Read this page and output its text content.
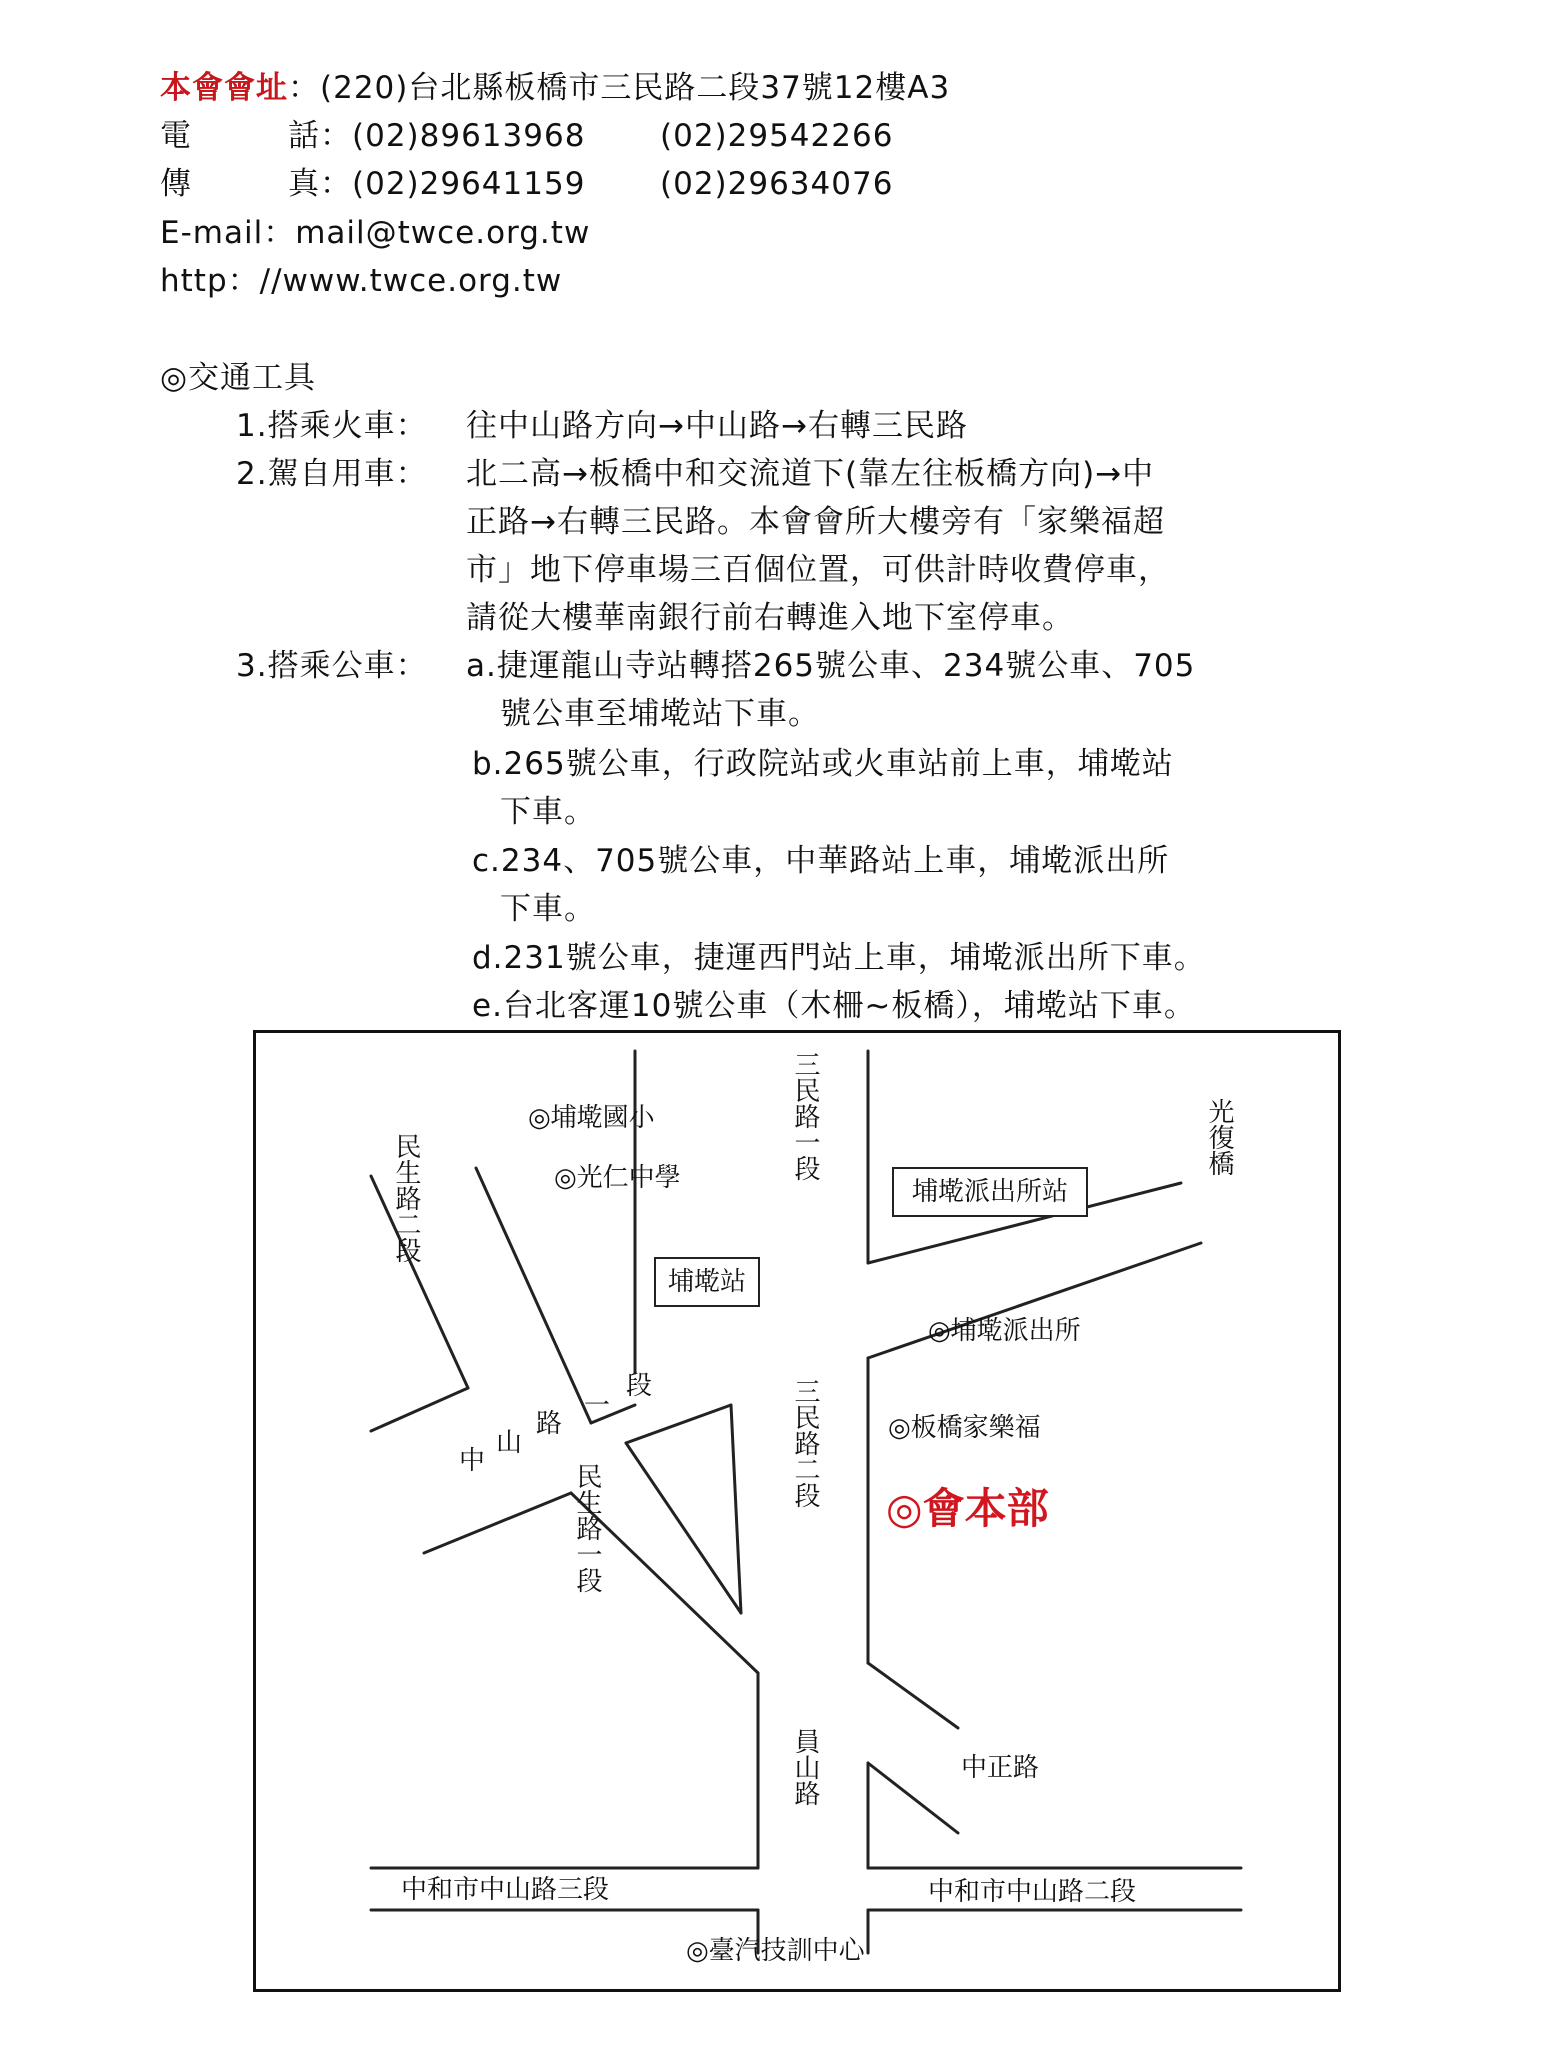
本會會址：(220)台北縣板橋市三民路二段37號12樓A3
電	話 ：(02)89613968 (02)29542266
傳	真 ：(02)29641159 (02)29634076
E-mail：mail@twce.org.tw
http：//www.twce.org.tw
◎交通工具
1.搭乘火車： 往中山路方向→中山路→右轉三民路
2.駕自用車： 北二高→板橋中和交流道下(靠左往板橋方向)→中
正路→右轉三民路。本會會所大樓旁有「家樂福超
市」地下停車場三百個位置，可供計時收費停車，
請從大樓華南銀行前右轉進入地下室停車。
3.搭乘公車： a.捷運龍山寺站轉搭265號公車、234號公車、705
號公車至埔墘站下車。
b.265號公車，行政院站或火車站前上車，埔墘站
下車。
c.234、705號公車，中華路站上車，埔墘派出所
下車。
d.231號公車，捷運西門站上車，埔墘派出所下車。
e.台北客運10號公車（木柵~板橋），埔墘站下車。
◎埔墘國小
◎光仁中學
埔墘站
埔墘派出所站
◎埔墘派出所
◎板橋家樂福
◎會本部
中正路
中和市中山路三段	中和市中山路二段
◎臺汽技訓中心
中
山
路
一
段
三民路一段
三民路二段
員山路
光復橋
民生路二段
民生路一段
